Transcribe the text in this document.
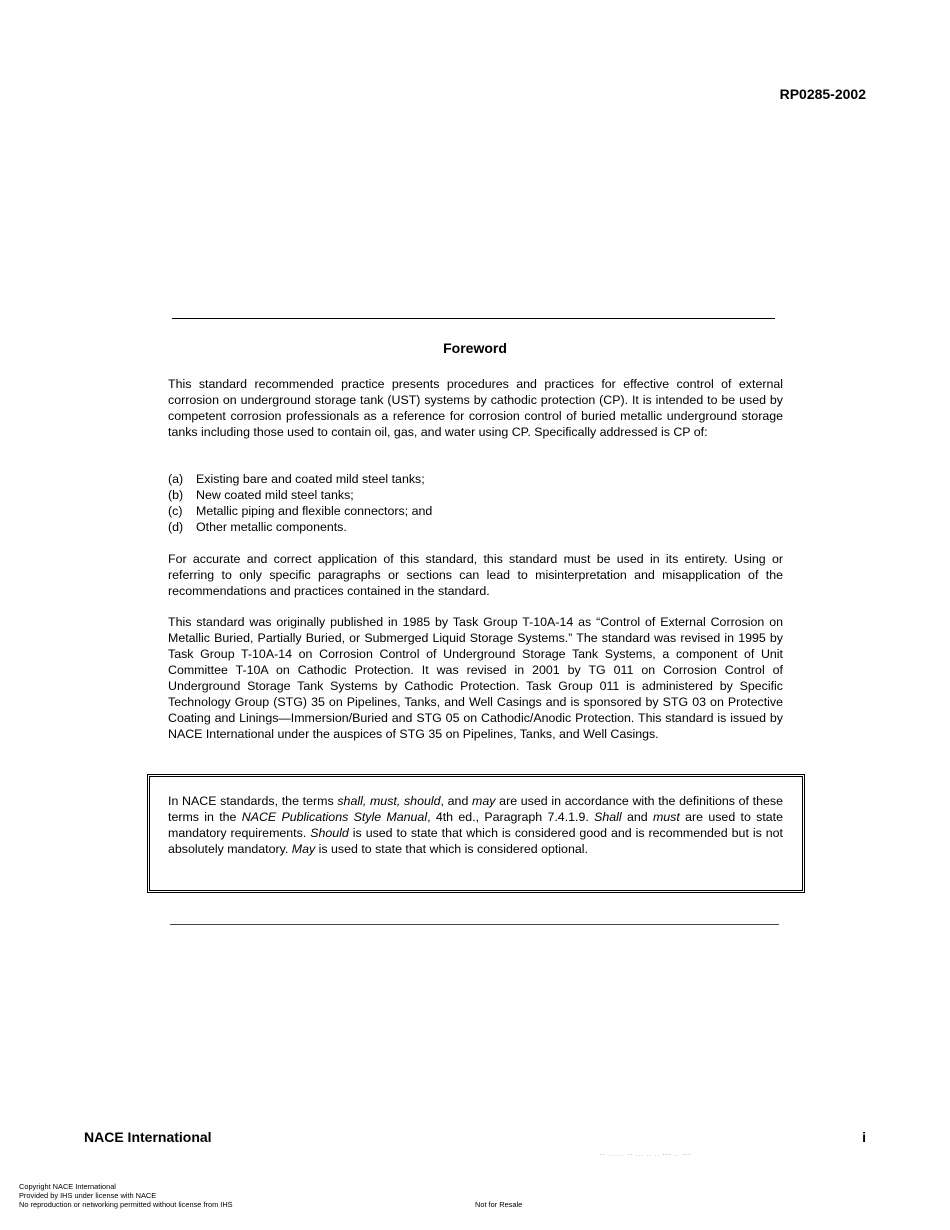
RP0285-2002
Foreword
This standard recommended practice presents procedures and practices for effective control of external corrosion on underground storage tank (UST) systems by cathodic protection (CP). It is intended to be used by competent corrosion professionals as a reference for corrosion control of buried metallic underground storage tanks including those used to contain oil, gas, and water using CP. Specifically addressed is CP of:
(a)	Existing bare and coated mild steel tanks;
(b)	New coated mild steel tanks;
(c)	Metallic piping and flexible connectors; and
(d)	Other metallic components.
For accurate and correct application of this standard, this standard must be used in its entirety. Using or referring to only specific paragraphs or sections can lead to misinterpretation and misapplication of the recommendations and practices contained in the standard.
This standard was originally published in 1985 by Task Group T-10A-14 as “Control of External Corrosion on Metallic Buried, Partially Buried, or Submerged Liquid Storage Systems.” The standard was revised in 1995 by Task Group T-10A-14 on Corrosion Control of Underground Storage Tank Systems, a component of Unit Committee T-10A on Cathodic Protection. It was revised in 2001 by TG 011 on Corrosion Control of Underground Storage Tank Systems by Cathodic Protection. Task Group 011 is administered by Specific Technology Group (STG) 35 on Pipelines, Tanks, and Well Casings and is sponsored by STG 03 on Protective Coating and Linings—Immersion/Buried and STG 05 on Cathodic/Anodic Protection. This standard is issued by NACE International under the auspices of STG 35 on Pipelines, Tanks, and Well Casings.
In NACE standards, the terms shall, must, should, and may are used in accordance with the definitions of these terms in the NACE Publications Style Manual, 4th ed., Paragraph 7.4.1.9. Shall and must are used to state mandatory requirements. Should is used to state that which is considered good and is recommended but is not absolutely mandatory. May is used to state that which is considered optional.
NACE International	i
-- ...... -- ... .. .. --- .. ---
Copyright NACE International
Provided by IHS under license with NACE
No reproduction or networking permitted without license from IHS	Not for Resale
